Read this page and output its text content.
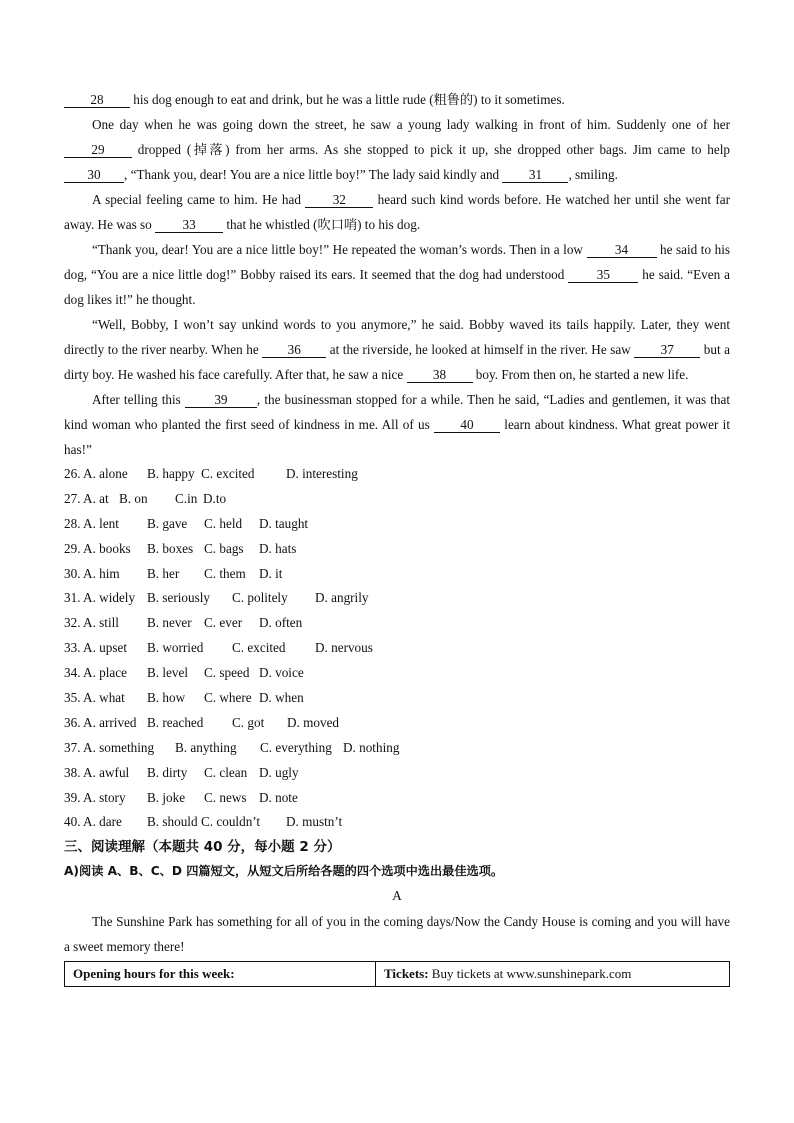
28 his dog enough to eat and drink, but he was a little rude (粗鲁的) to it sometimes.

One day when he was going down the street, he saw a young lady walking in front of him. Suddenly one of her 29 dropped (掉落) from her arms. As she stopped to pick it up, she dropped other bags. Jim came to help 30 , “Thank you, dear! You are a nice little boy!” The lady said kindly and 31 , smiling.

A special feeling came to him. He had 32 heard such kind words before. He watched her until she went far away. He was so 33 that he whistled (吹口哨) to his dog.

“Thank you, dear! You are a nice little boy!” He repeated the woman’s words. Then in a low 34 he said to his dog, “You are a nice little dog!” Bobby raised its ears. It seemed that the dog had understood 35 he said. “Even a dog likes it!” he thought.

“Well, Bobby, I won’t say unkind words to you anymore,” he said. Bobby waved its tails happily. Later, they went directly to the river nearby. When he 36 at the riverside, he looked at himself in the river. He saw 37 but a dirty boy. He washed his face carefully. After that, he saw a nice 38 boy. From then on, he started a new life.

After telling this 39 , the businessman stopped for a while. Then he said, “Ladies and gentlemen, it was that kind woman who planted the first seed of kindness in me. All of us 40 learn about kindness. What great power it has!”

26. A. alone B. happy C. excited D. interesting
27. A. at B. on C.in D.to
28. A. lent B. gave C. held D. taught
29. A. books B. boxes C. bags D. hats
30. A. him B. her C. them D. it
31. A. widely B. seriously C. politely D. angrily
32. A. still B. never C. ever D. often
33. A. upset B. worried C. excited D. nervous
34. A. place B. level C. speed D. voice
35. A. what B. how C. where D. when
36. A. arrived B. reached C. got D. moved
37. A. something B. anything C. everything D. nothing
38. A. awful B. dirty C. clean D. ugly
39. A. story B. joke C. news D. note
40. A. dare B. should C. couldn’t D. mustn’t
三、阅读理解（本题共 40 分，每小题 2 分）
A)阅读 A、B、C、D 四篇短文，从短文后所给各题的四个选项中选出最佳选项。
A

The Sunshine Park has something for all of you in the coming days/Now the Candy House is coming and you will have a sweet memory there!

Opening hours for this week:	Tickets: Buy tickets at www.sunshinepark.com
